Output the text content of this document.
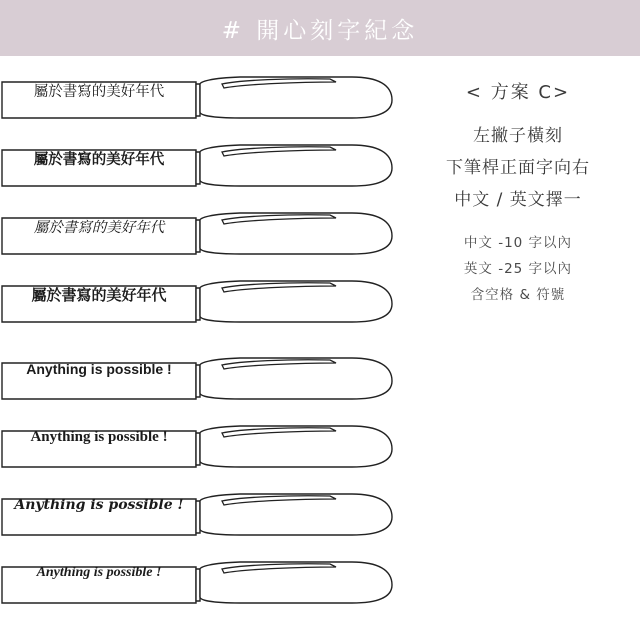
# 開心刻字紀念
屬於書寫的美好年代
屬於書寫的美好年代
屬於書寫的美好年代
屬於書寫的美好年代
Anything is possible !
Anything is possible !
Anything is possible !
Anything is possible !
< 方案 C>
左撇子橫刻
下筆桿正面字向右
中文 / 英文擇一
中文 -10 字以內
英文 -25 字以內
含空格 & 符號
